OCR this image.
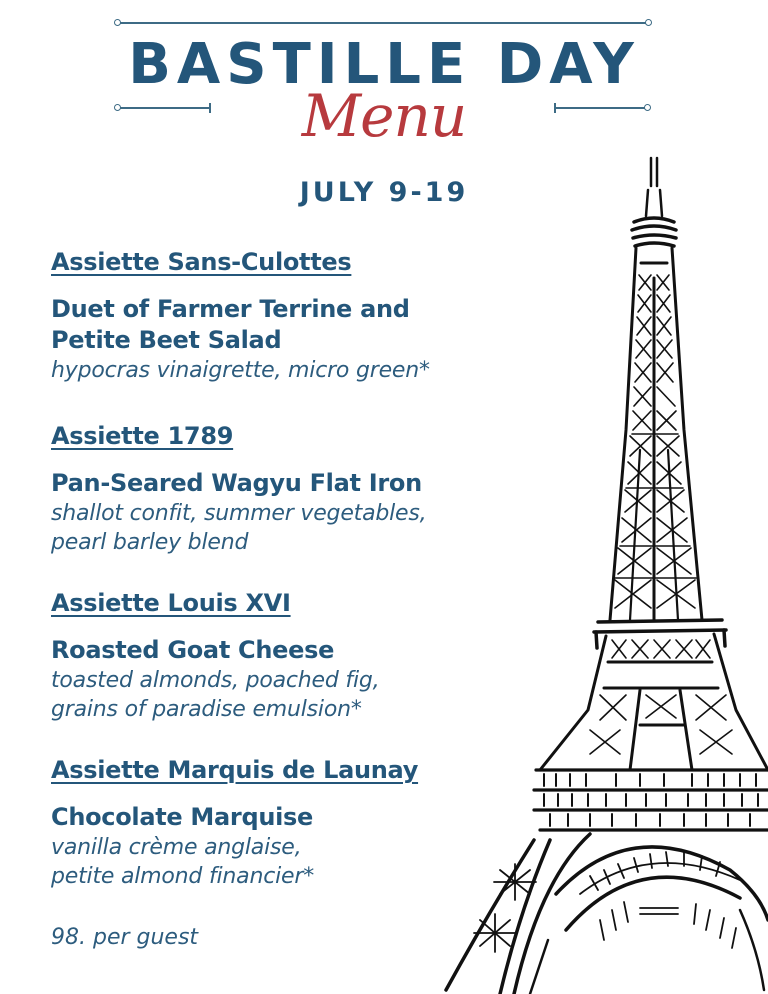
BASTILLE DAY
Menu
JULY 9-19
Assiette Sans-Culottes
Duet of Farmer Terrine and
Petite Beet Salad
hypocras vinaigrette, micro green*
Assiette 1789
Pan-Seared Wagyu Flat Iron
shallot confit, summer vegetables,
pearl barley blend
Assiette Louis XVI
Roasted Goat Cheese
toasted almonds, poached fig,
grains of paradise emulsion*
Assiette Marquis de Launay
Chocolate Marquise
vanilla crème anglaise,
petite almond financier*
98. per guest
